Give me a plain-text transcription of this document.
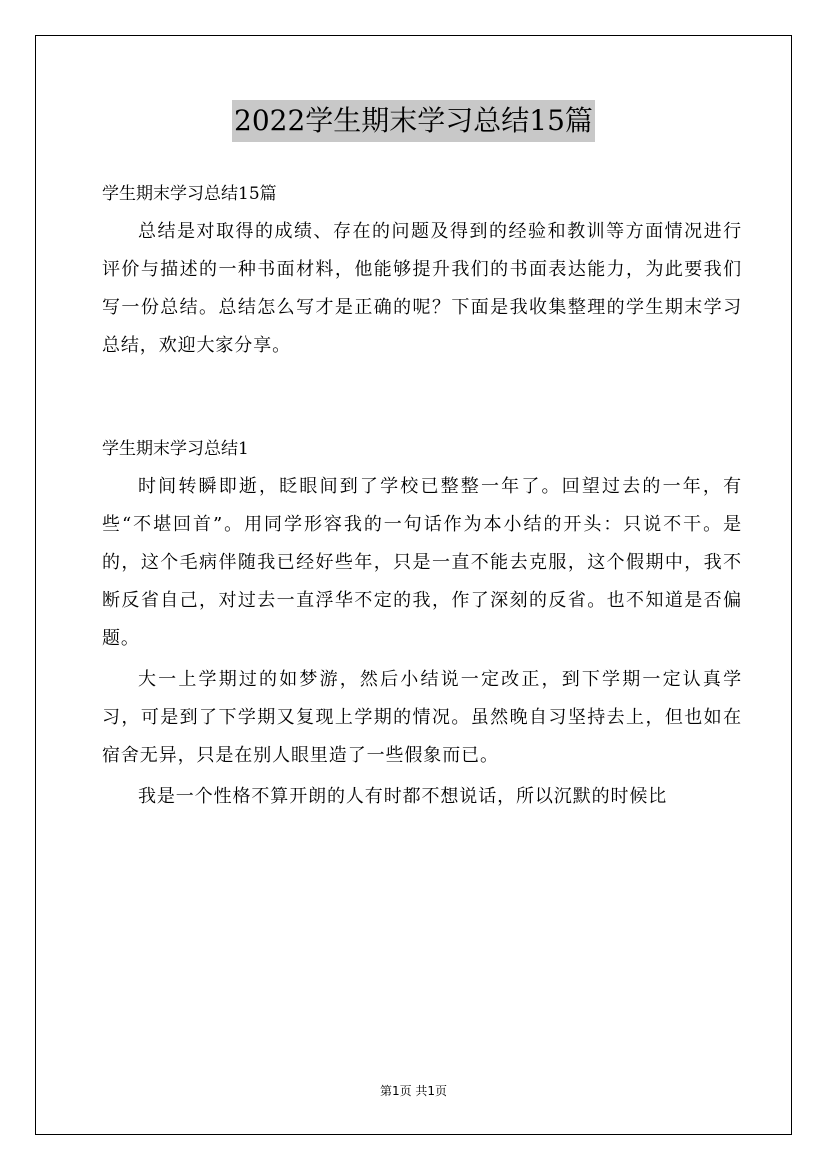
2022学生期末学习总结15篇

学生期末学习总结15篇

总结是对取得的成绩、存在的问题及得到的经验和教训等方面情况进行评价与描述的一种书面材料，他能够提升我们的书面表达能力，为此要我们写一份总结。总结怎么写才是正确的呢？下面是我收集整理的学生期末学习总结，欢迎大家分享。

学生期末学习总结1

时间转瞬即逝，眨眼间到了学校已整整一年了。回望过去的一年，有些“不堪回首”。用同学形容我的一句话作为本小结的开头：只说不干。是的，这个毛病伴随我已经好些年，只是一直不能去克服，这个假期中，我不断反省自己，对过去一直浮华不定的我，作了深刻的反省。也不知道是否偏题。

大一上学期过的如梦游，然后小结说一定改正，到下学期一定认真学习，可是到了下学期又复现上学期的情况。虽然晚自习坚持去上，但也如在宿舍无异，只是在别人眼里造了一些假象而已。

我是一个性格不算开朗的人有时都不想说话，所以沉默的时候比

第1页 共1页
